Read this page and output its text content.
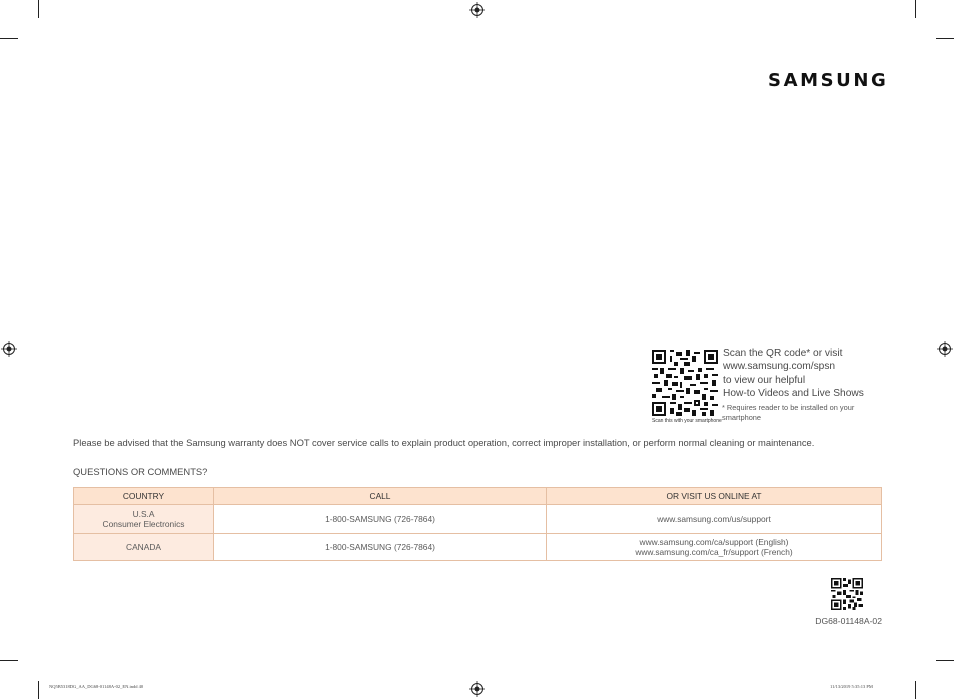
SAMSUNG
Scan this with your smartphone
Scan the QR code* or visit
www.samsung.com/spsn
to view our helpful
How-to Videos and Live Shows
* Requires reader to be installed on your smartphone
Please be advised that the Samsung warranty does NOT cover service calls to explain product operation, correct improper installation, or perform normal cleaning or maintenance.
QUESTIONS OR COMMENTS?
COUNTRY	CALL	OR VISIT US ONLINE AT

U.S.A
Consumer Electronics	1-800-SAMSUNG (726-7864)	www.samsung.com/us/support

CANADA	1-800-SAMSUNG (726-7864)	www.samsung.com/ca/support (English)
www.samsung.com/ca_fr/support (French)
DG68-01148A-02
NQ5B5318DG_AA_DG68-01148A-02_EN.indd 40	11/13/2019 5:35:13 PM
